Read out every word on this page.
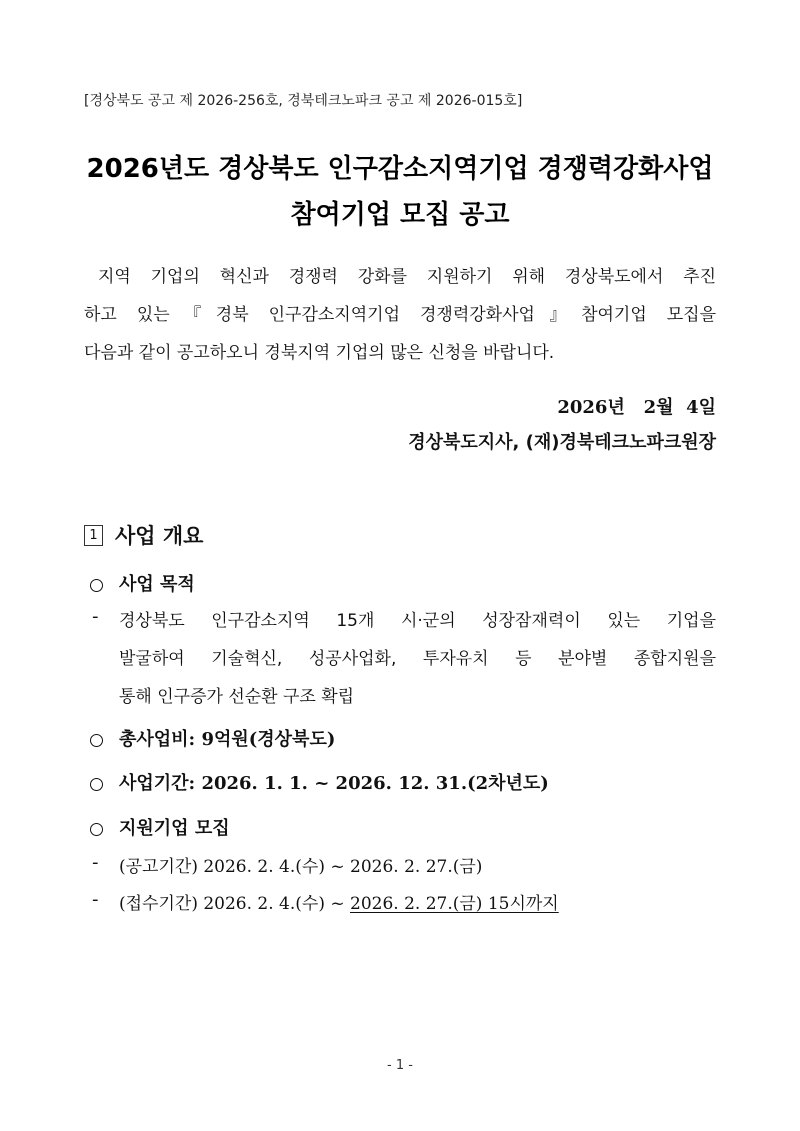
[경상북도 공고 제 2026-256호, 경북테크노파크 공고 제 2026-015호]
2026년도 경상북도 인구감소지역기업 경쟁력강화사업
참여기업 모집 공고
지역 기업의 혁신과 경쟁력 강화를 지원하기 위해 경상북도에서 추진
하고 있는『경북 인구감소지역기업 경쟁력강화사업』참여기업 모집을
다음과 같이 공고하오니 경북지역 기업의 많은 신청을 바랍니다.
2026년   2월  4일
경상북도지사, (재)경북테크노파크원장
1 사업 개요
사업 목적
- 경상북도 인구감소지역 15개 시·군의 성장잠재력이 있는 기업을
발굴하여 기술혁신, 성공사업화, 투자유치 등 분야별 종합지원을
통해 인구증가 선순환 구조 확립
총사업비: 9억원(경상북도)
사업기간: 2026. 1. 1. ~ 2026. 12. 31.(2차년도)
지원기업 모집
- (공고기간) 2026. 2. 4.(수) ~ 2026. 2. 27.(금)
- (접수기간) 2026. 2. 4.(수) ~ 2026. 2. 27.(금) 15시까지
- 1 -
